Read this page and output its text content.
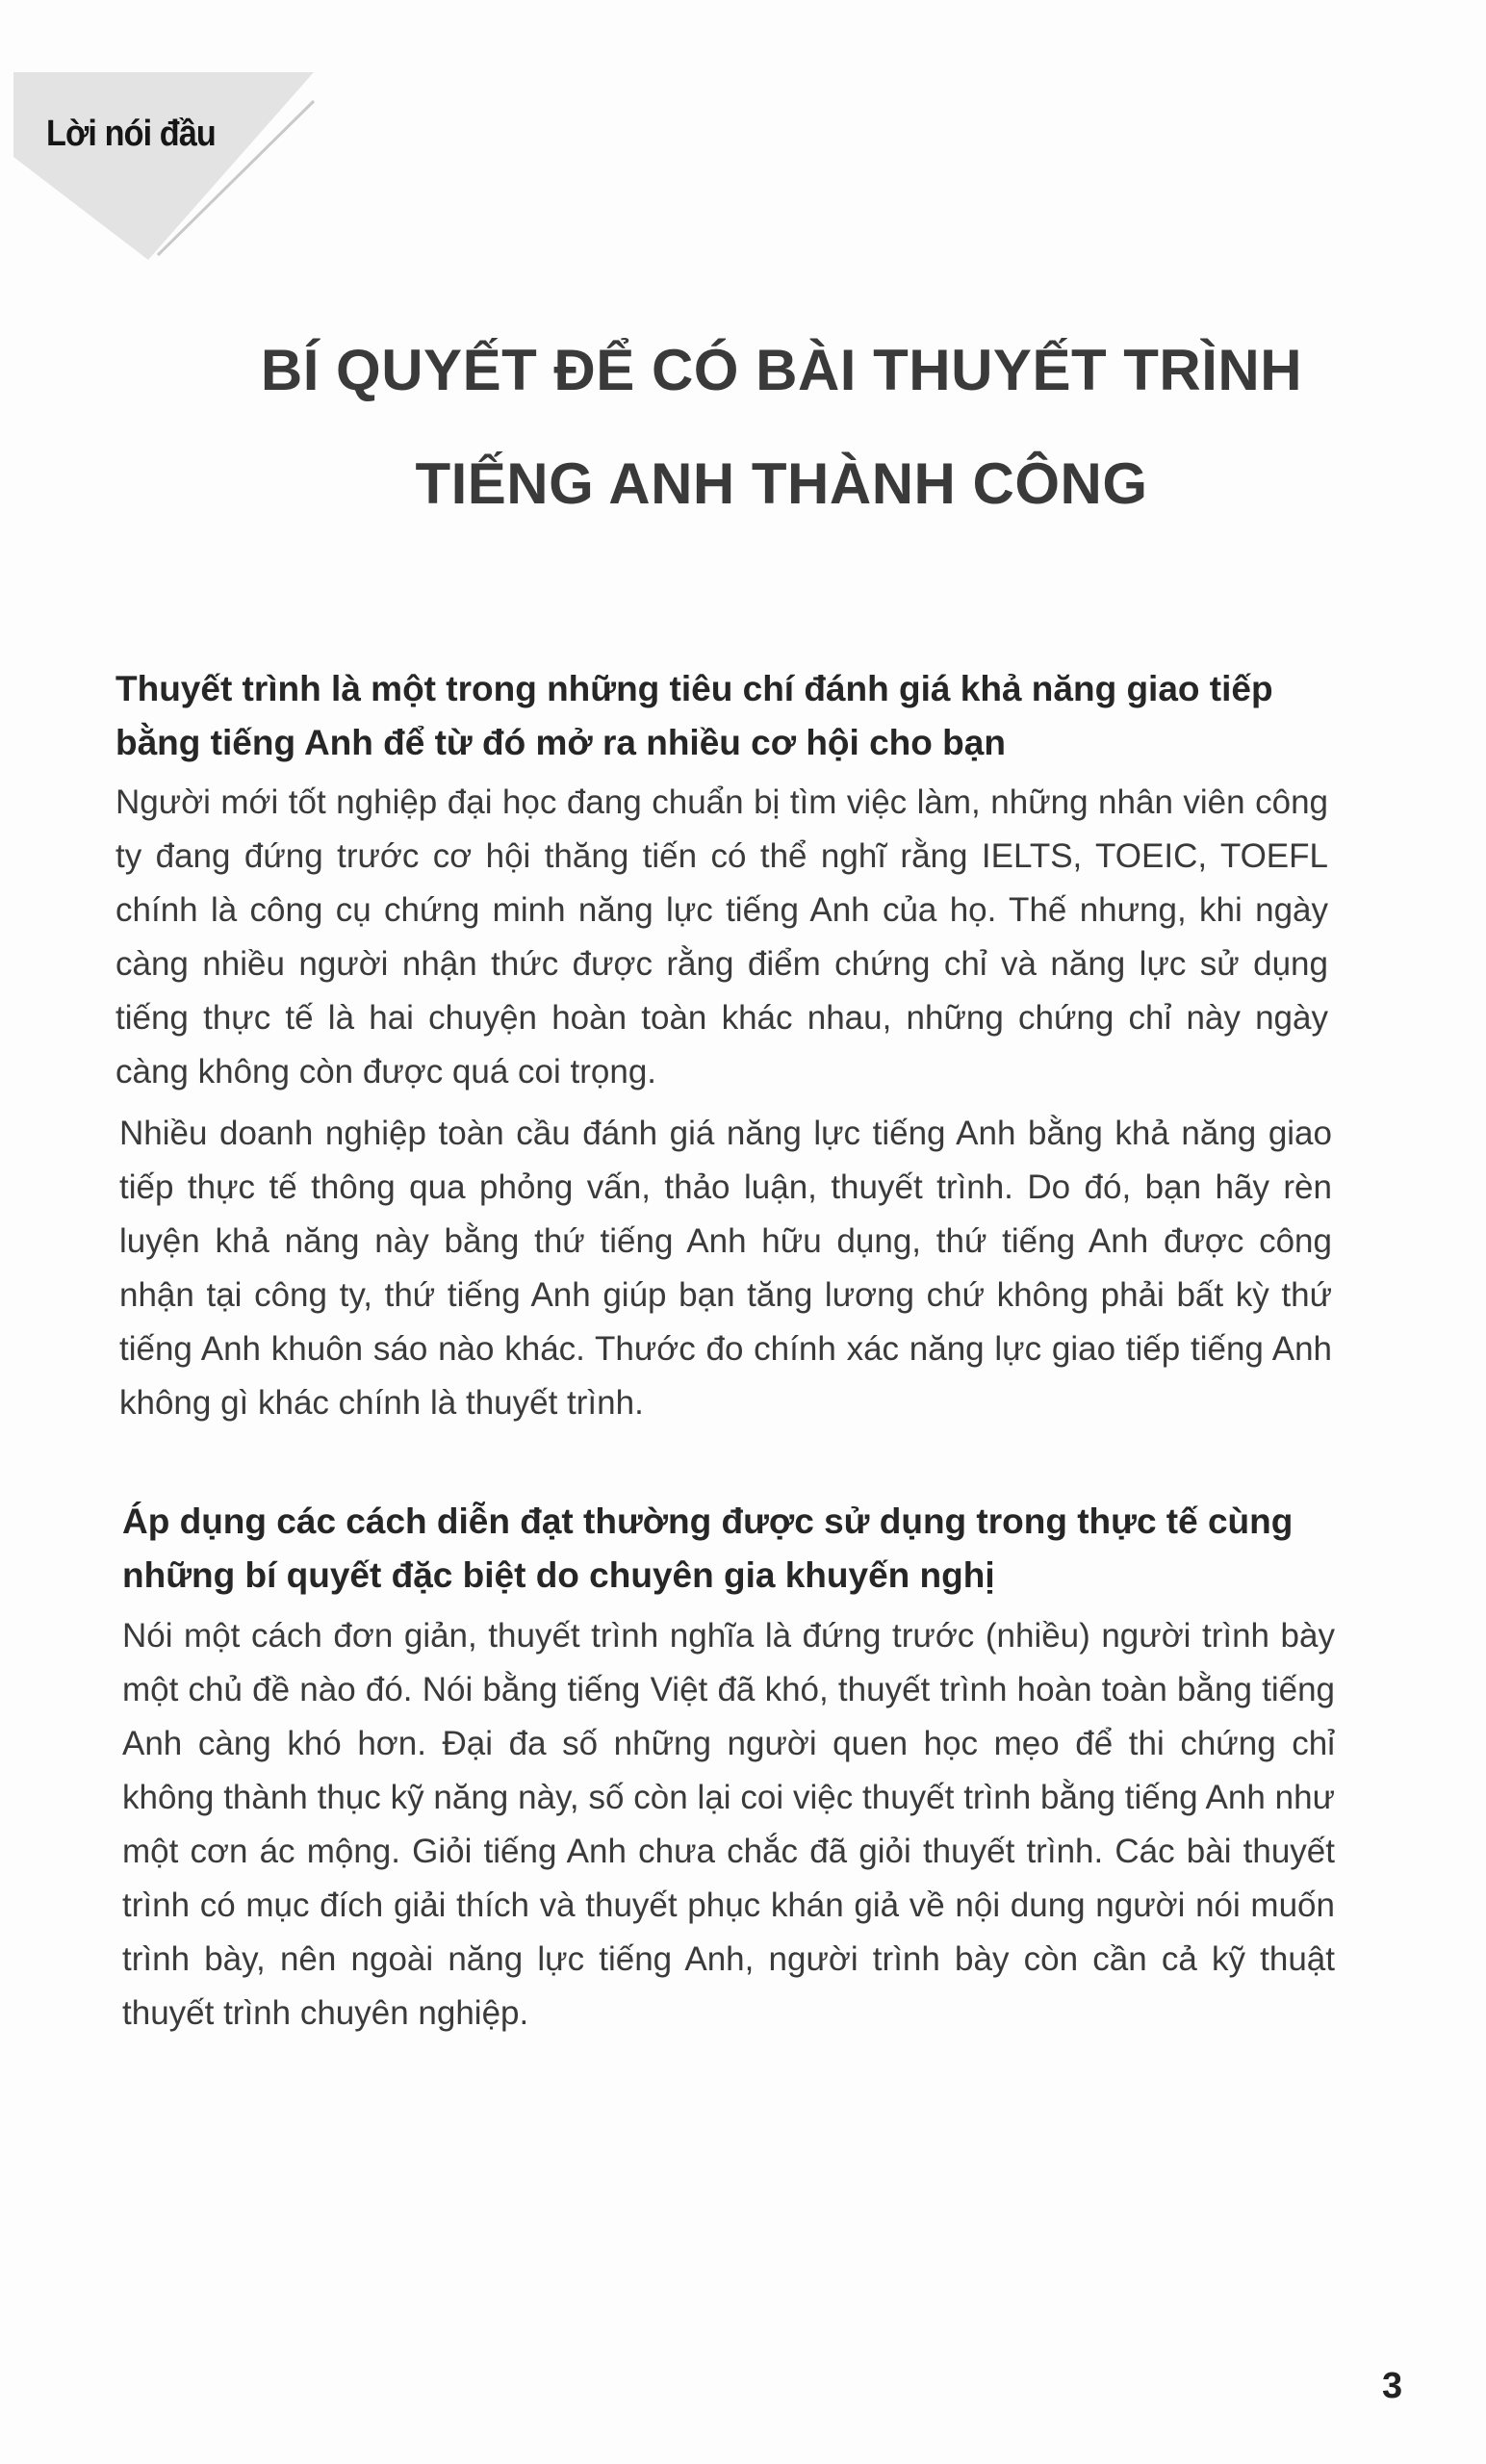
Lời nói đầu
BÍ QUYẾT ĐỂ CÓ BÀI THUYẾT TRÌNH
TIẾNG ANH THÀNH CÔNG
Thuyết trình là một trong những tiêu chí đánh giá khả năng giao tiếp bằng tiếng Anh để từ đó mở ra nhiều cơ hội cho bạn
Người mới tốt nghiệp đại học đang chuẩn bị tìm việc làm, những nhân viên công ty đang đứng trước cơ hội thăng tiến có thể nghĩ rằng IELTS, TOEIC, TOEFL chính là công cụ chứng minh năng lực tiếng Anh của họ. Thế nhưng, khi ngày càng nhiều người nhận thức được rằng điểm chứng chỉ và năng lực sử dụng tiếng thực tế là hai chuyện hoàn toàn khác nhau, những chứng chỉ này ngày càng không còn được quá coi trọng.
Nhiều doanh nghiệp toàn cầu đánh giá năng lực tiếng Anh bằng khả năng giao tiếp thực tế thông qua phỏng vấn, thảo luận, thuyết trình. Do đó, bạn hãy rèn luyện khả năng này bằng thứ tiếng Anh hữu dụng, thứ tiếng Anh được công nhận tại công ty, thứ tiếng Anh giúp bạn tăng lương chứ không phải bất kỳ thứ tiếng Anh khuôn sáo nào khác. Thước đo chính xác năng lực giao tiếp tiếng Anh không gì khác chính là thuyết trình.
Áp dụng các cách diễn đạt thường được sử dụng trong thực tế cùng những bí quyết đặc biệt do chuyên gia khuyến nghị
Nói một cách đơn giản, thuyết trình nghĩa là đứng trước (nhiều) người trình bày một chủ đề nào đó. Nói bằng tiếng Việt đã khó, thuyết trình hoàn toàn bằng tiếng Anh càng khó hơn. Đại đa số những người quen học mẹo để thi chứng chỉ không thành thục kỹ năng này, số còn lại coi việc thuyết trình bằng tiếng Anh như một cơn ác mộng. Giỏi tiếng Anh chưa chắc đã giỏi thuyết trình. Các bài thuyết trình có mục đích giải thích và thuyết phục khán giả về nội dung người nói muốn trình bày, nên ngoài năng lực tiếng Anh, người trình bày còn cần cả kỹ thuật thuyết trình chuyên nghiệp.
3
